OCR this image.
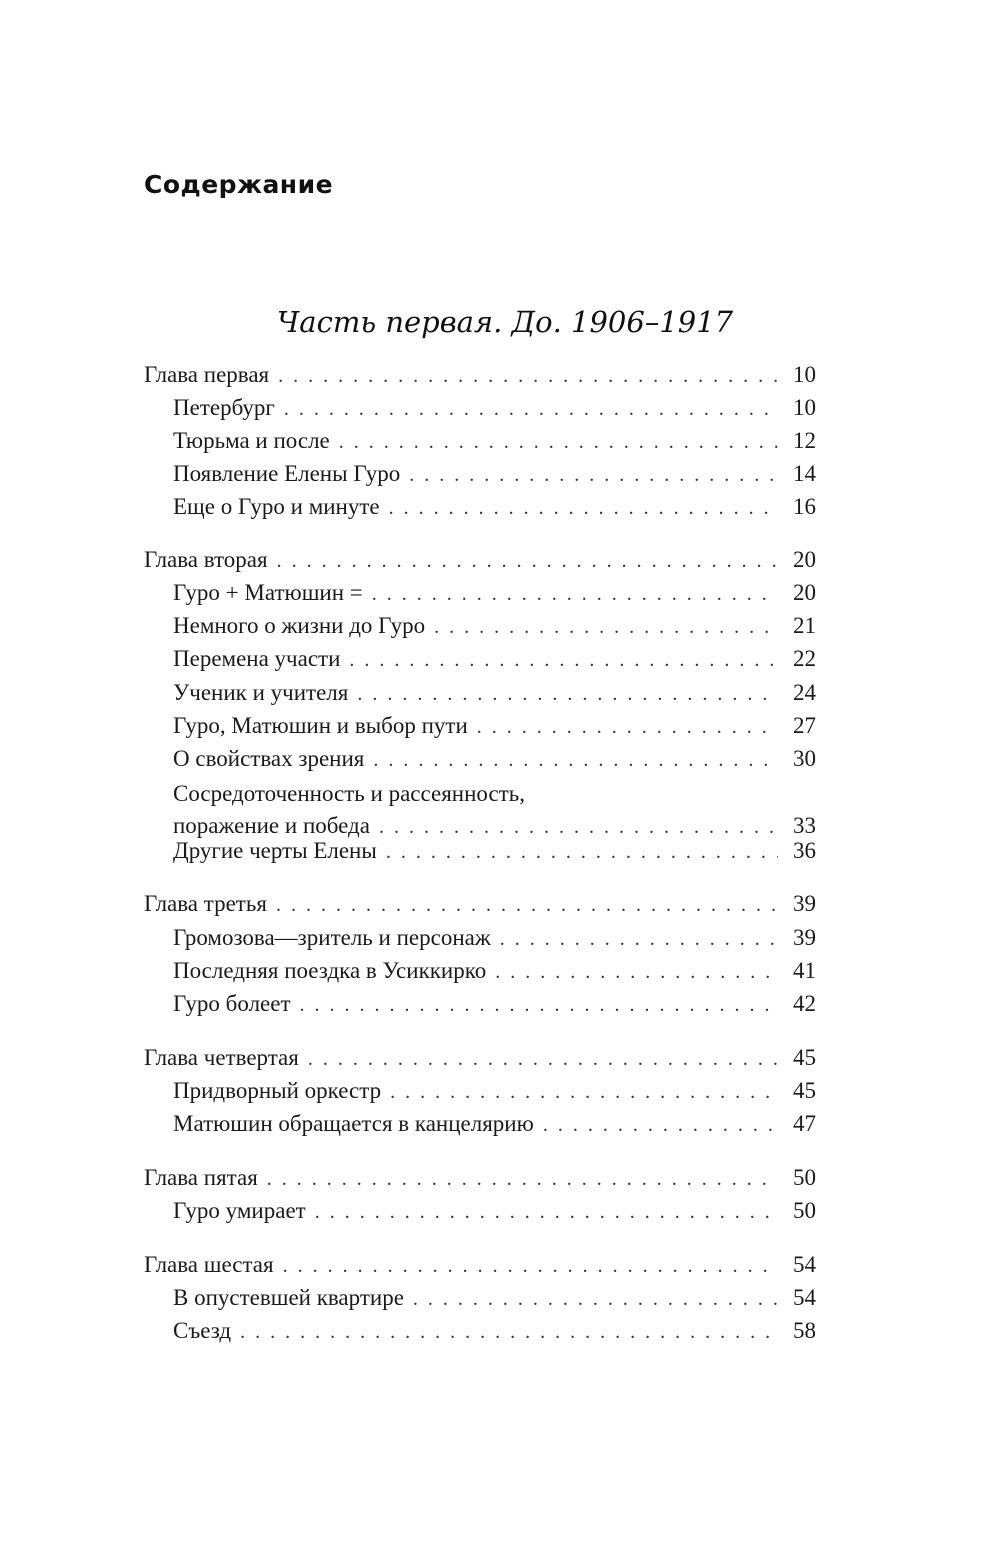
Содержание
Часть первая. До. 1906–1917
Глава первая . .	10
Петербург . .	10
Тюрьма и после . .	12
Появление Елены Гуро . .	14
Еще о Гуро и минуте . .	16
Глава вторая . .	20
Гуро + Матюшин = . .	20
Немного о жизни до Гуро . .	21
Перемена участи . .	22
Ученик и учителя . .	24
Гуро, Матюшин и выбор пути . .	27
О свойствах зрения . .	30
Сосредоточенность и рассеянность,
поражение и победа . .	33
Другие черты Елены . .	36
Глава третья . .	39
Громозова—зритель и персонаж . .	39
Последняя поездка в Усиккирко . .	41
Гуро болеет . .	42
Глава четвертая . .	45
Придворный оркестр . .	45
Матюшин обращается в канцелярию . .	47
Глава пятая . .	50
Гуро умирает . .	50
Глава шестая . .	54
В опустевшей квартире . .	54
Съезд . .	58
